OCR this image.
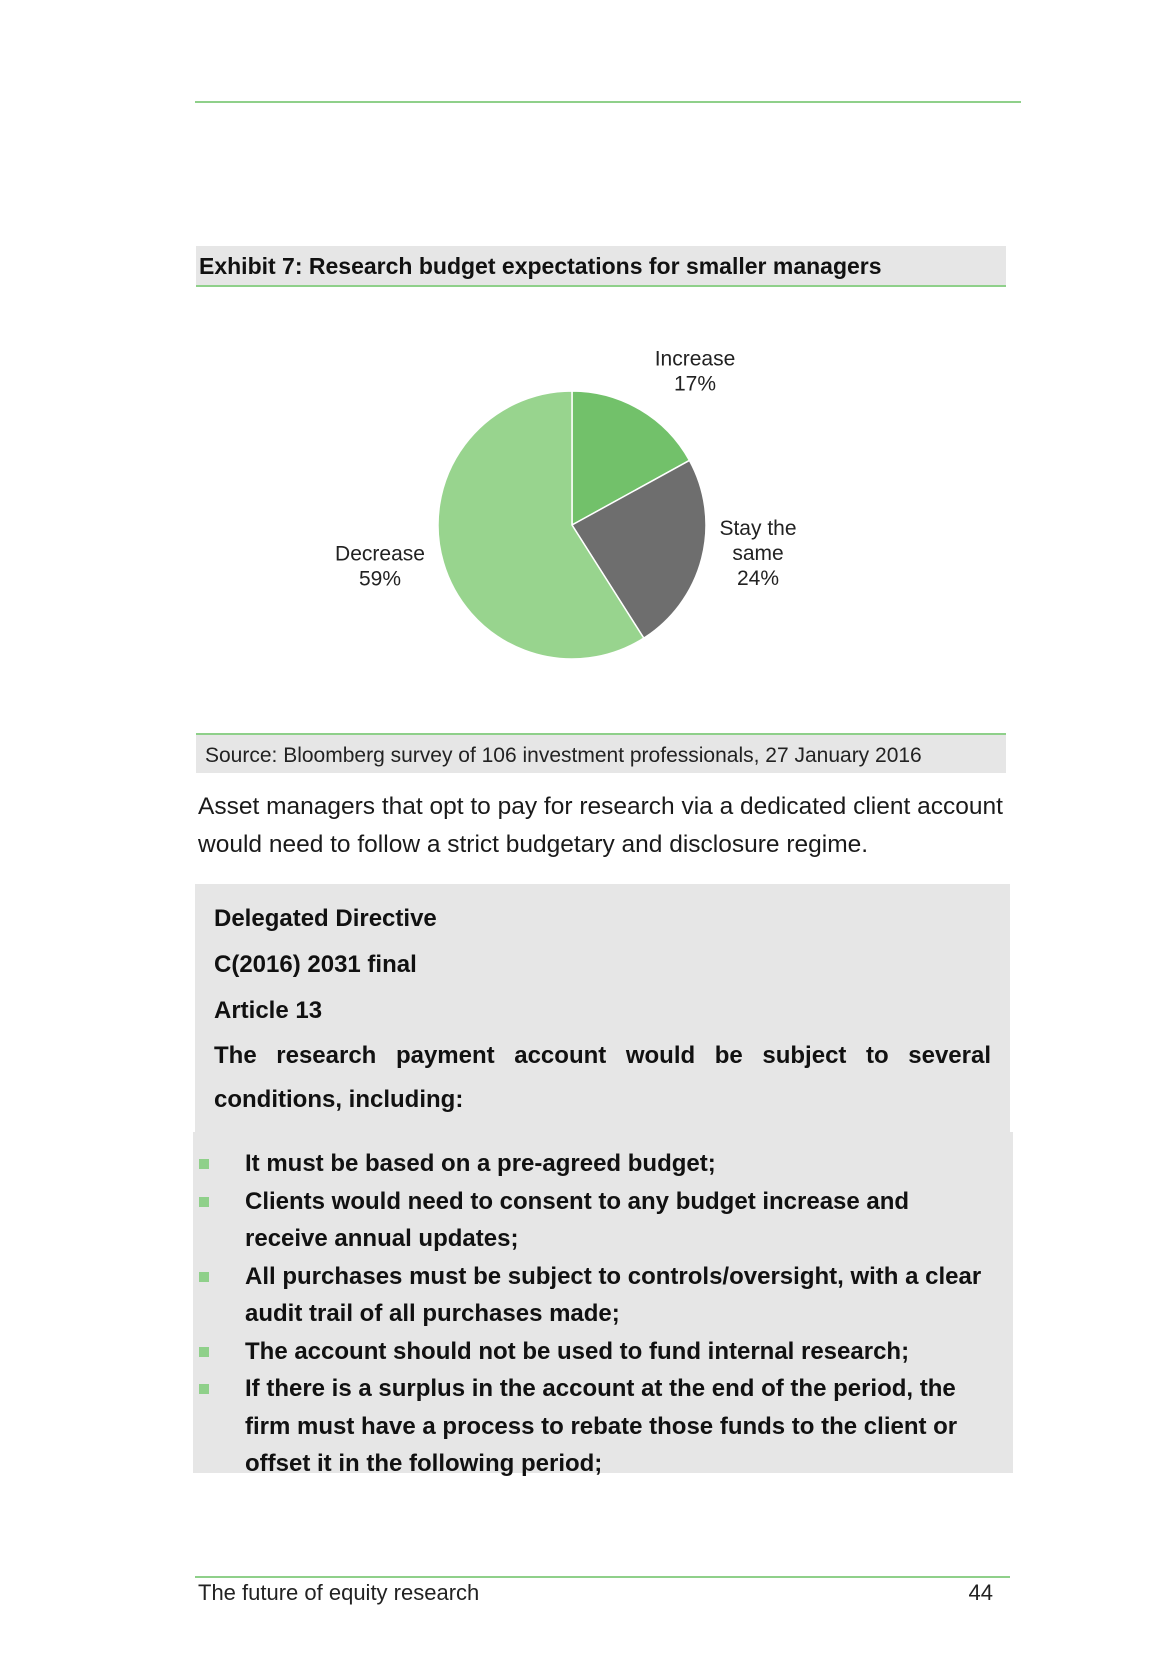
Exhibit 7: Research budget expectations for smaller managers
Increase 17%
Stay the same 24%
Decrease 59%
Source: Bloomberg survey of 106 investment professionals, 27 January 2016
Asset managers that opt to pay for research via a dedicated client account would need to follow a strict budgetary and disclosure regime.
Delegated Directive
C(2016) 2031 final
Article 13
The research payment account would be subject to several conditions, including:
It must be based on a pre-agreed budget;
Clients would need to consent to any budget increase and receive annual updates;
All purchases must be subject to controls/oversight, with a clear audit trail of all purchases made;
The account should not be used to fund internal research;
If there is a surplus in the account at the end of the period, the firm must have a process to rebate those funds to the client or offset it in the following period;
The future of equity research	44
